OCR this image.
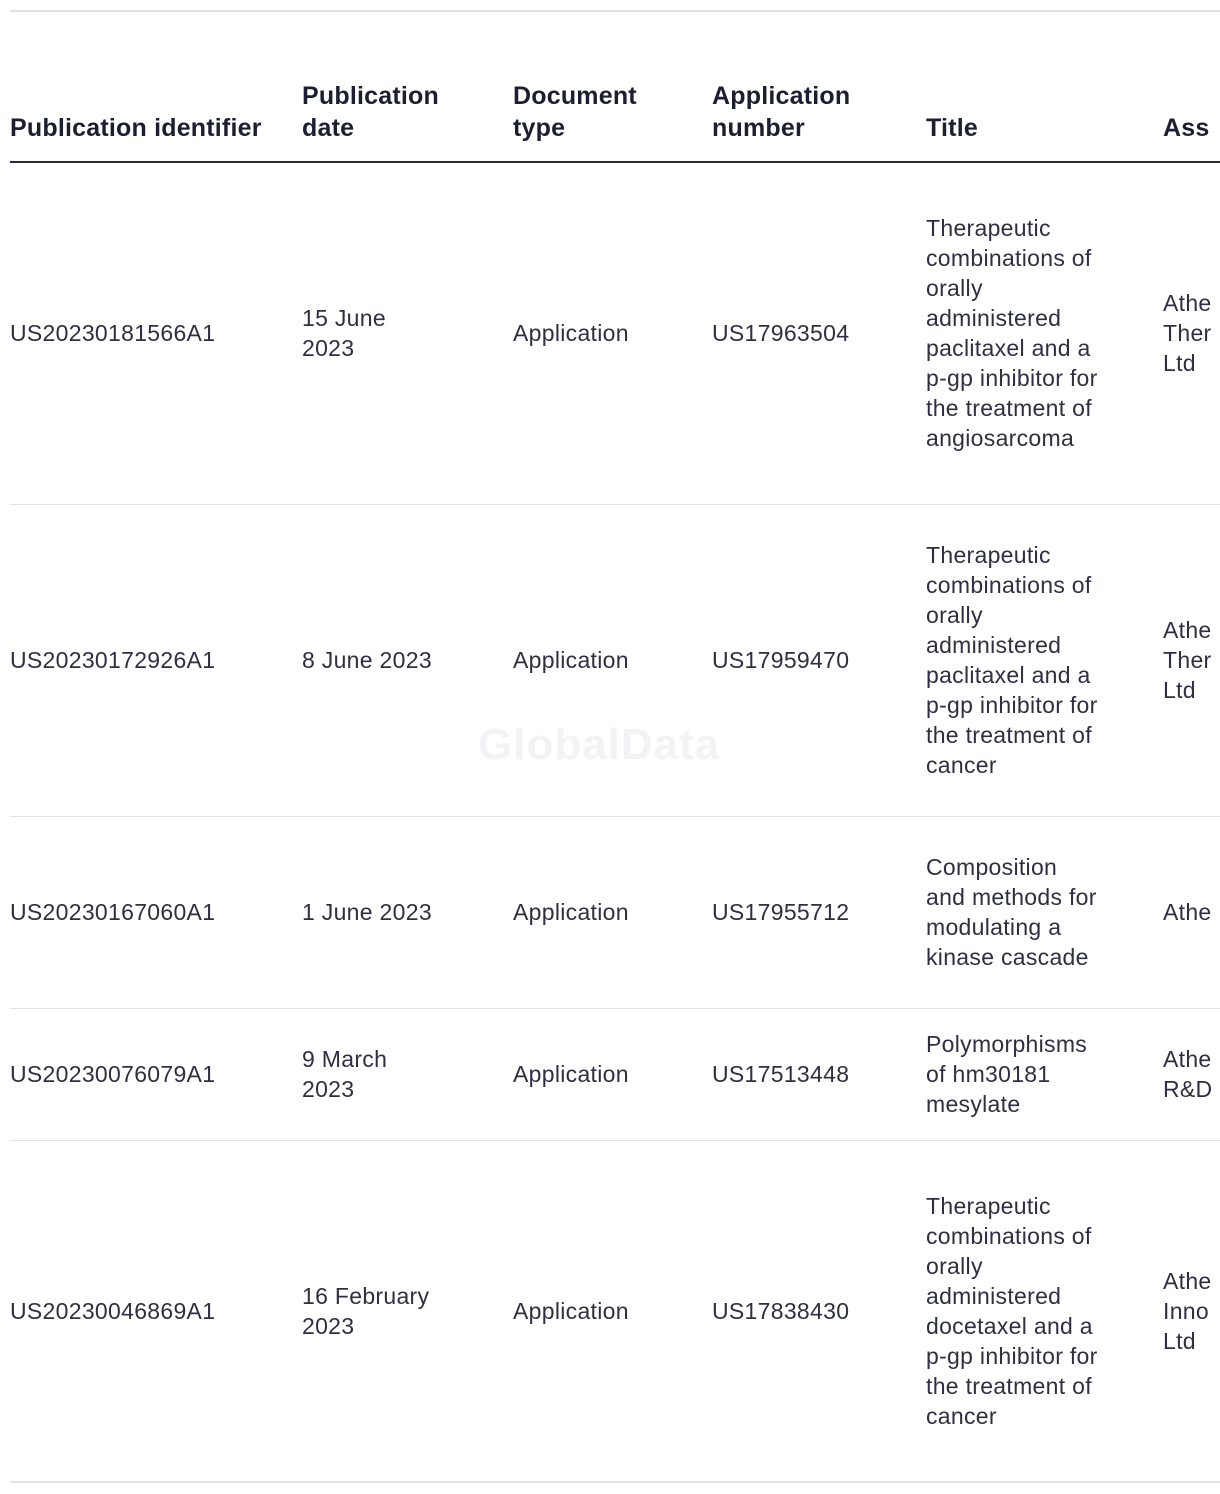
Publication identifier	Publication date	Document type	Application number	Title	Ass
US20230181566A1	15 June 2023	Application	US17963504	Therapeutic combinations of orally administered paclitaxel and a p-gp inhibitor for the treatment of angiosarcoma	Athe Ther Ltd

US20230172926A1	8 June 2023	Application	US17959470	Therapeutic combinations of orally administered paclitaxel and a p-gp inhibitor for the treatment of cancer	Athe Ther Ltd

US20230167060A1	1 June 2023	Application	US17955712	Composition and methods for modulating a kinase cascade	Athe

US20230076079A1	9 March 2023	Application	US17513448	Polymorphisms of hm30181 mesylate	Athe R&D

US20230046869A1	16 February 2023	Application	US17838430	Therapeutic combinations of orally administered docetaxel and a p-gp inhibitor for the treatment of cancer	Athe Inno Ltd
GlobalData
